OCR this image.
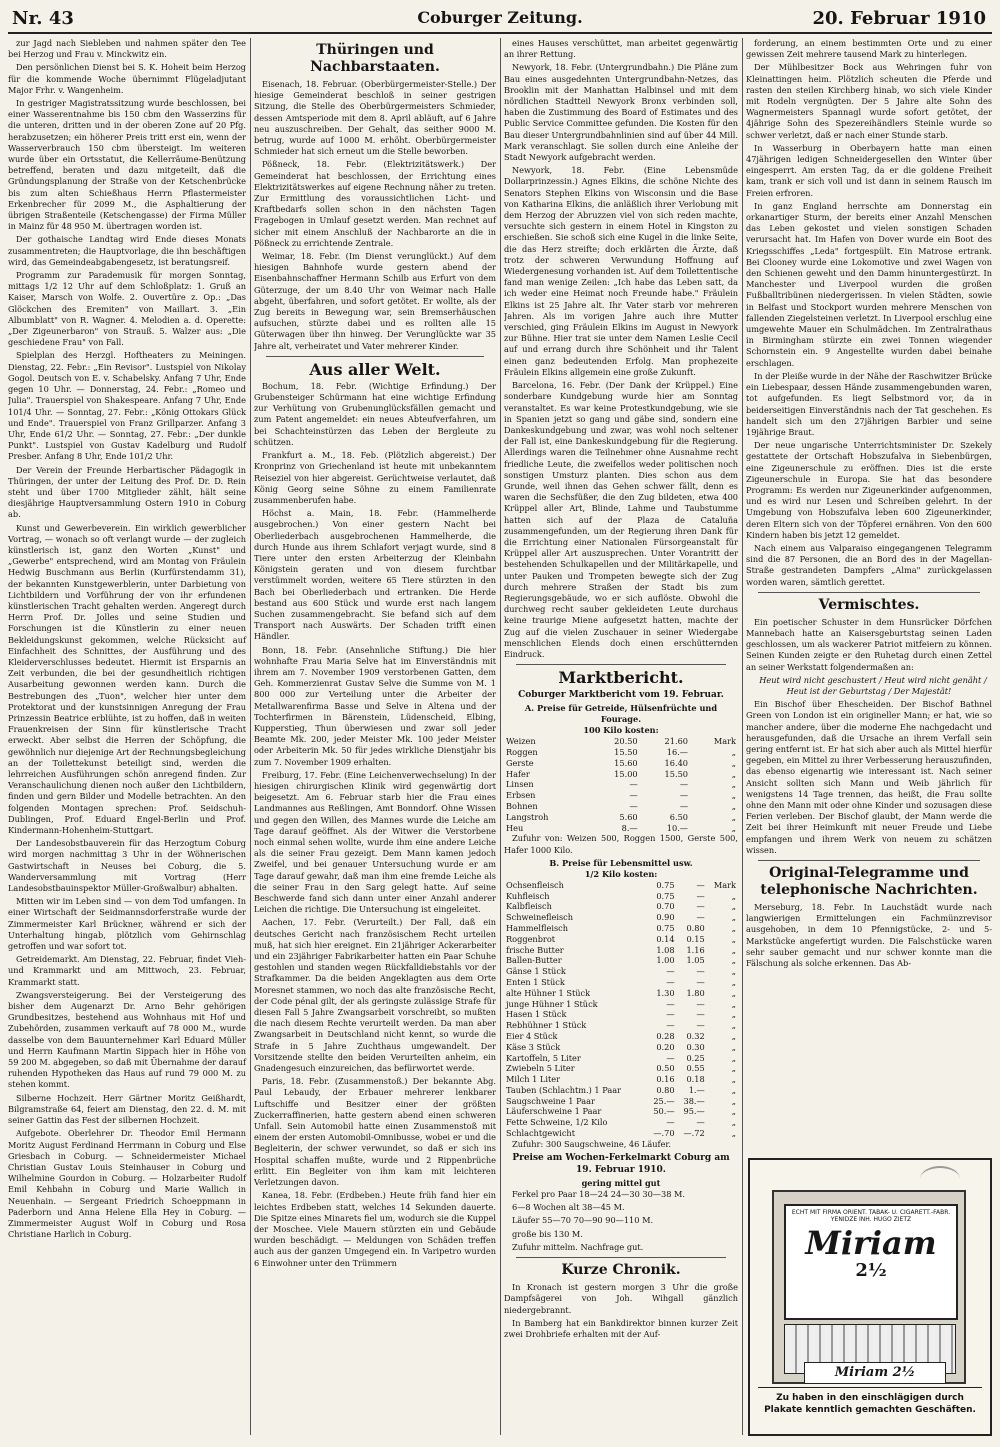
Nr. 43	Coburger Zeitung.	20. Februar 1910

zur Jagd nach Siebleben und nahmen später den Tee bei Herzog und Frau v. Minckwitz ein.

Den persönlichen Dienst bei S. K. Hoheit beim Herzog für die kommende Woche übernimmt Flügeladjutant Major Frhr. v. Wangenheim.

In gestriger Magistratssitzung wurde beschlossen, bei einer Wasserentnahme bis 150 cbm den Wasserzins für die unteren, dritten und in der oberen Zone auf 20 Pfg. herabzusetzen; ein höherer Preis tritt erst ein, wenn der Wasserverbrauch 150 cbm übersteigt. Im weiteren wurde über ein Ortsstatut, die Kellerräume-Benützung betreffend, beraten und dazu mitgeteilt, daß die Gründungsplanung der Straße von der Ketschenbrücke bis zum alten Schießhaus Herrn Pflastermeister Erkenbrecher für 2099 M., die Asphaltierung der übrigen Straßenteile (Ketschengasse) der Firma Müller in Mainz für 48 950 M. übertragen worden ist.

Der gothaische Landtag wird Ende dieses Monats zusammentreten; die Hauptvorlage, die ihn beschäftigen wird, das Gemeindeabgabengesetz, ist beratungsreif.

Programm zur Parademusik für morgen Sonntag, mittags 1/2 12 Uhr auf dem Schloßplatz: 1. Gruß an Kaiser, Marsch von Wolfe. 2. Ouvertüre z. Op.: „Das Glöckchen des Eremiten" von Maillart. 3. „Ein Albumblatt" von R. Wagner. 4. Melodien a. d. Operette: „Der Zigeunerbaron" von Strauß. 5. Walzer aus: „Die geschiedene Frau" von Fall.

Spielplan des Herzgl. Hoftheaters zu Meiningen. Dienstag, 22. Febr.: „Ein Revisor". Lustspiel von Nikolay Gogol. Deutsch von E. v. Schabelsky. Anfang 7 Uhr, Ende gegen 10 Uhr. — Donnerstag, 24. Febr.: „Romeo und Julia". Trauerspiel von Shakespeare. Anfang 7 Uhr, Ende 101/4 Uhr. — Sonntag, 27. Febr.: „König Ottokars Glück und Ende". Trauerspiel von Franz Grillparzer. Anfang 3 Uhr, Ende 61/2 Uhr. — Sonntag, 27. Febr.: „Der dunkle Punkt". Lustspiel von Gustav Kadelburg und Rudolf Presber. Anfang 8 Uhr, Ende 101/2 Uhr.

Der Verein der Freunde Herbartischer Pädagogik in Thüringen, der unter der Leitung des Prof. Dr. D. Rein steht und über 1700 Mitglieder zählt, hält seine diesjährige Hauptversammlung Ostern 1910 in Coburg ab.

Kunst und Gewerbeverein. Ein wirklich gewerblicher Vortrag, — wonach so oft verlangt wurde — der zugleich künstlerisch ist, ganz den Worten „Kunst" und „Gewerbe" entsprechend, wird am Montag von Fräulein Hedwig Buschmann aus Berlin (Kurfürstendamm 31), der bekannten Kunstgewerblerin, unter Darbietung von Lichtbildern und Vorführung der von ihr erfundenen künstlerischen Tracht gehalten werden. Angeregt durch Herrn Prof. Dr. Jolles und seine Studien und Forschungen ist die Künstlerin zu einer neuen Bekleidungskunst gekommen, welche Rücksicht auf Einfachheit des Schnittes, der Ausführung und des Kleiderverschlusses bedeutet. Hiermit ist Ersparnis an Zeit verbunden, die bei der gesundheitlich richtigen Ausarbeitung gewonnen werden kann. Durch die Bestrebungen des „Tuon", welcher hier unter dem Protektorat und der kunstsinnigen Anregung der Frau Prinzessin Beatrice erblühte, ist zu hoffen, daß in weiten Frauenkreisen der Sinn für künstlerische Tracht erweckt. Aber selbst die Herren der Schöpfung, die gewöhnlich nur diejenige Art der Rechnungsbegleichung an der Toilettekunst beteiligt sind, werden die lehrreichen Ausführungen schön anregend finden. Zur Veranschaulichung dienen noch außer den Lichtbildern, finden und gern Bilder und Modelle betrachten. An den folgenden Montagen sprechen: Prof. Seidschuh-Dublingen, Prof. Eduard Engel-Berlin und Prof. Kindermann-Hohenheim-Stuttgart.

Der Landesobstbauverein für das Herzogtum Coburg wird morgen nachmittag 3 Uhr in der Wöhnerischen Gastwirtschaft in Neuses bei Coburg, die 5. Wanderversammlung mit Vortrag (Herr Landesobstbauinspektor Müller-Großwalbur) abhalten.

Mitten wir im Leben sind — von dem Tod umfangen. In einer Wirtschaft der Seidmannsdorferstraße wurde der Zimmermeister Karl Brückner, während er sich der Unterhaltung hingab, plötzlich vom Gehirnschlag getroffen und war sofort tot.

Getreidemarkt. Am Dienstag, 22. Februar, findet Vieh- und Krammarkt und am Mittwoch, 23. Februar, Krammarkt statt.

Zwangsversteigerung. Bei der Versteigerung des bisher dem Augenarzt Dr. Arno Behr gehörigen Grundbesitzes, bestehend aus Wohnhaus mit Hof und Zubehörden, zusammen verkauft auf 78 000 M., wurde dasselbe von dem Bauunternehmer Karl Eduard Müller und Herrn Kaufmann Martin Sippach hier in Höhe von 59 200 M. abgegeben, so daß mit Übernahme der darauf ruhenden Hypotheken das Haus auf rund 79 000 M. zu stehen kommt.

Silberne Hochzeit. Herr Gärtner Moritz Geißhardt, Bilgramstraße 64, feiert am Dienstag, den 22. d. M. mit seiner Gattin das Fest der silbernen Hochzeit.

Aufgebote. Oberlehrer Dr. Theodor Emil Hermann Moritz August Ferdinand Herrmann in Coburg und Else Griesbach in Coburg. — Schneidermeister Michael Christian Gustav Louis Steinhauser in Coburg und Wilhelmine Gourdon in Coburg. — Holzarbeiter Rudolf Emil Kehbahn in Coburg und Marie Wallich in Neuenhain. — Sergeant Friedrich Schoeppmann in Paderborn und Anna Helene Ella Hey in Coburg. — Zimmermeister August Wolf in Coburg und Rosa Christiane Harlich in Coburg.

Thüringen und Nachbarstaaten.

Eisenach, 18. Februar. (Oberbürgermeister-Stelle.) Der hiesige Gemeinderat beschloß in seiner gestrigen Sitzung, die Stelle des Oberbürgermeisters Schmieder, dessen Amtsperiode mit dem 8. April abläuft, auf 6 Jahre neu auszuschreiben. Der Gehalt, das seither 9000 M. betrug, wurde auf 1000 M. erhöht. Oberbürgermeister Schmieder hat sich erneut um die Stelle beworben.

Pößneck, 18. Febr. (Elektrizitätswerk.) Der Gemeinderat hat beschlossen, der Errichtung eines Elektrizitätswerkes auf eigene Rechnung näher zu treten. Zur Ermittlung des voraussichtlichen Licht- und Kraftbedarfs sollen schon in den nächsten Tagen Fragebogen in Umlauf gesetzt werden. Man rechnet auf sicher mit einem Anschluß der Nachbarorte an die in Pößneck zu errichtende Zentrale.

Weimar, 18. Febr. (Im Dienst verunglückt.) Auf dem hiesigen Bahnhofe wurde gestern abend der Eisenbahnschaffner Hermann Schilb aus Erfurt von dem Güterzuge, der um 8.40 Uhr von Weimar nach Halle abgeht, überfahren, und sofort getötet. Er wollte, als der Zug bereits in Bewegung war, sein Bremserhäuschen aufsuchen, stürzte dabei und es rollten alle 15 Güterwagen über ihn hinweg. Der Verunglückte war 35 Jahre alt, verheiratet und Vater mehrerer Kinder.

Aus aller Welt.

Bochum, 18. Febr. (Wichtige Erfindung.) Der Grubensteiger Schürmann hat eine wichtige Erfindung zur Verhütung von Grubenunglücksfällen gemacht und zum Patent angemeldet: ein neues Abteufverfahren, um bei Schachteinstürzen das Leben der Bergleute zu schützen.

Frankfurt a. M., 18. Feb. (Plötzlich abgereist.) Der Kronprinz von Griechenland ist heute mit unbekanntem Reiseziel von hier abgereist. Gerüchtweise verlautet, daß König Georg seine Söhne zu einem Familienrate zusammenberufen habe.

Höchst a. Main, 18. Febr. (Hammelherde ausgebrochen.) Von einer gestern Nacht bei Oberliederbach ausgebrochenen Hammelherde, die durch Hunde aus ihrem Schlafort verjagt wurde, sind 8 Tiere unter den ersten Arbeiterzug der Kleinbahn Königstein geraten und von diesem furchtbar verstümmelt worden, weitere 65 Tiere stürzten in den Bach bei Oberliederbach und ertranken. Die Herde bestand aus 600 Stück und wurde erst nach langem Suchen zusammengebracht. Sie befand sich auf dem Transport nach Auswärts. Der Schaden trifft einen Händler.

Bonn, 18. Febr. (Ansehnliche Stiftung.) Die hier wohnhafte Frau Maria Selve hat im Einverständnis mit ihrem am 7. November 1909 verstorbenen Gatten, dem Geh. Kommerzienrat Gustav Selve die Summe von M. 1 800 000 zur Verteilung unter die Arbeiter der Metallwarenfirma Basse und Selve in Altena und der Tochterfirmen in Bärenstein, Lüdenscheid, Elbing, Kupperstieg, Thun überwiesen und zwar soll jeder Beamte Mk. 200, jeder Meister Mk. 100 jeder Meister oder Arbeiterin Mk. 50 für jedes wirkliche Dienstjahr bis zum 7. November 1909 erhalten.

Freiburg, 17. Febr. (Eine Leichenverwechselung) In der hiesigen chirurgischen Klinik wird gegenwärtig dort beigesetzt. Am 6. Februar starb hier die Frau eines Landmannes aus Reßlingen, Amt Bonndorf. Ohne Wissen und gegen den Willen, des Mannes wurde die Leiche am Tage darauf geöffnet. Als der Witwer die Verstorbene noch einmal sehen wollte, wurde ihm eine andere Leiche als die seiner Frau gezeigt. Dem Mann kamen jedoch Zweifel, und bei genauer Untersuchung wurde er am Tage darauf gewahr, daß man ihm eine fremde Leiche als die seiner Frau in den Sarg gelegt hatte. Auf seine Beschwerde fand sich dann unter einer Anzahl anderer Leichen die richtige. Die Untersuchung ist eingeleitet.

Aachen, 17. Febr. (Verurteilt.) Der Fall, daß ein deutsches Gericht nach französischem Recht urteilen muß, hat sich hier ereignet. Ein 21jähriger Ackerarbeiter und ein 23jähriger Fabrikarbeiter hatten ein Paar Schuhe gestohlen und standen wegen Rückfalldiebstahls vor der Strafkammer. Da die beiden Angeklagten aus dem Orte Moresnet stammen, wo noch das alte französische Recht, der Code pénal gilt, der als geringste zulässige Strafe für diesen Fall 5 Jahre Zwangsarbeit vorschreibt, so mußten die nach diesem Rechte verurteilt werden. Da man aber Zwangsarbeit in Deutschland nicht kennt, so wurde die Strafe in 5 Jahre Zuchthaus umgewandelt. Der Vorsitzende stellte den beiden Verurteilten anheim, ein Gnadengesuch einzureichen, das befürwortet werde.

Paris, 18. Febr. (Zusammenstoß.) Der bekannte Abg. Paul Lebaudy, der Erbauer mehrerer lenkbarer Luftschiffe und Besitzer einer der größten Zuckerraffinerien, hatte gestern abend einen schweren Unfall. Sein Automobil hatte einen Zusammenstoß mit einem der ersten Automobil-Omnibusse, wobei er und die Begleiterin, der schwer verwundet, so daß er sich ins Hospital schaffen mußte, wurde und 2 Rippenbrüche erlitt. Ein Begleiter von ihm kam mit leichteren Verletzungen davon.

Kanea, 18. Febr. (Erdbeben.) Heute früh fand hier ein leichtes Erdbeben statt, welches 14 Sekunden dauerte. Die Spitze eines Minarets fiel um, wodurch sie die Kuppel der Moschee. Viele Mauern stürzten ein und Gebäude wurden beschädigt. — Meldungen von Schäden treffen auch aus der ganzen Umgegend ein. In Varipetro wurden 6 Einwohner unter den Trümmern

eines Hauses verschüttet, man arbeitet gegenwärtig an ihrer Rettung.

Newyork, 18. Febr. (Untergrundbahn.) Die Pläne zum Bau eines ausgedehnten Untergrundbahn-Netzes, das Brooklin mit der Manhattan Halbinsel und mit dem nördlichen Stadtteil Newyork Bronx verbinden soll, haben die Zustimmung des Board of Estimates und des Public Service Committee gefunden. Die Kosten für den Bau dieser Untergrundbahnlinien sind auf über 44 Mill. Mark veranschlagt. Sie sollen durch eine Anleihe der Stadt Newyork aufgebracht werden.

Newyork, 18. Febr. (Eine Lebensmüde Dollarprinzessin.) Agnes Elkins, die schöne Nichte des Senators Stephen Elkins von Wisconsin und die Base von Katharina Elkins, die anläßlich ihrer Verlobung mit dem Herzog der Abruzzen viel von sich reden machte, versuchte sich gestern in einem Hotel in Kingston zu erschießen. Sie schoß sich eine Kugel in die linke Seite, die das Herz streifte; doch erklärten die Ärzte, daß trotz der schweren Verwundung Hoffnung auf Wiedergenesung vorhanden ist. Auf dem Toilettentische fand man wenige Zeilen: „Ich habe das Leben satt, da ich weder eine Heimat noch Freunde habe." Fräulein Elkins ist 25 Jahre alt. Ihr Vater starb vor mehreren Jahren. Als im vorigen Jahre auch ihre Mutter verschied, ging Fräulein Elkins im August in Newyork zur Bühne. Hier trat sie unter dem Namen Leslie Cecil auf und errang durch ihre Schönheit und ihr Talent einen ganz bedeutenden Erfolg. Man prophezeite Fräulein Elkins allgemein eine große Zukunft.

Barcelona, 16. Febr. (Der Dank der Krüppel.) Eine sonderbare Kundgebung wurde hier am Sonntag veranstaltet. Es war keine Protestkundgebung, wie sie in Spanien jetzt so gang und gäbe sind, sondern eine Dankeskundgebung und zwar, was wohl noch seltener der Fall ist, eine Dankeskundgebung für die Regierung. Allerdings waren die Teilnehmer ohne Ausnahme recht friedliche Leute, die zweifellos weder politischen noch sonstigen Umsturz planten. Dies schon aus dem Grunde, weil ihnen das Gehen schwer fällt, denn es waren die Sechsfüßer, die den Zug bildeten, etwa 400 Krüppel aller Art, Blinde, Lahme und Taubstumme hatten sich auf der Plaza de Cataluña zusammengefunden, um der Regierung ihren Dank für die Errichtung einer Nationalen Fürsorgeanstalt für Krüppel aller Art auszusprechen. Unter Vorantritt der bestehenden Schulkapellen und der Militärkapelle, und unter Pauken und Trompeten bewegte sich der Zug durch mehrere Straßen der Stadt bis zum Regierungsgebäude, wo er sich auflöste. Obwohl die durchweg recht sauber gekleideten Leute durchaus keine traurige Miene aufgesetzt hatten, machte der Zug auf die vielen Zuschauer in seiner Wiedergabe menschlichen Elends doch einen erschütternden Eindruck.

Marktbericht.
Coburger Marktbericht vom 19. Februar.
A. Preise für Getreide, Hülsenfrüchte und Fourage.
100 Kilo kosten:
Weizen	20.50	21.60	Mark
Roggen	15.50	16.—	„
Gerste	15.60	16.40	„
Hafer	15.00	15.50	„
Linsen	—	—	„
Erbsen	—	—	„
Bohnen	—	—	„
Langstroh	5.60	6.50	„
Heu	8.—	10.—	„

Zufuhr von: Weizen 500, Roggen 1500, Gerste 500, Hafer 1000 Kilo.

B. Preise für Lebensmittel usw.
1/2 Kilo kosten:
Ochsenfleisch	0.75	—	Mark
Kuhfleisch	0.75	—	„
Kalbfleisch	0.70	—	„
Schweinefleisch	0.90	—	„
Hammelfleisch	0.75	0.80	„
Roggenbrot	0.14	0.15	„
frische Butter	1.08	1.16	„
Ballen-Butter	1.00	1.05	„
Gänse 1 Stück	—	—	„
Enten 1 Stück	—	—	„
alte Hühner 1 Stück	1.30	1.80	„
junge Hühner 1 Stück	—	—	„
Hasen 1 Stück	—	—	„
Rebhühner 1 Stück	—	—	„
Eier 4 Stück	0.28	0.32	„
Käse 3 Stück	0.20	0.30	„
Kartoffeln, 5 Liter	—	0.25	„
Zwiebeln 5 Liter	0.50	0.55	„
Milch 1 Liter	0.16	0.18	„
Tauben (Schlachtm.) 1 Paar	0.80	1.—	„
Saugschweine 1 Paar	25.—	38.—	„
Läuferschweine 1 Paar	50.—	95.—	„
Fette Schweine, 1/2 Kilo	—	—	„
Schlachtgewicht	—.70	—.72	„

Zufuhr: 300 Saugschweine, 46 Läufer.

Preise am Wochen-Ferkelmarkt Coburg am 19. Februar 1910.
gering mittel gut

Ferkel pro Paar 18—24 24—30 30—38 M.

6—8 Wochen alt 38—45 M.

Läufer 55—70 70—90 90—110 M.

große bis 130 M.

Zufuhr mittelm. Nachfrage gut.

Kurze Chronik.

In Kronach ist gestern morgen 3 Uhr die große Dampfsägerei von Joh. Wihgall gänzlich niedergebrannt.

In Bamberg hat ein Bankdirektor binnen kurzer Zeit zwei Drohbriefe erhalten mit der Auf-

forderung, an einem bestimmten Orte und zu einer gewissen Zeit mehrere tausend Mark zu hinterlegen.

Der Mühlbesitzer Bock aus Wehringen fuhr von Kleinattingen heim. Plötzlich scheuten die Pferde und rasten den steilen Kirchberg hinab, wo sich viele Kinder mit Rodeln vergnügten. Der 5 Jahre alte Sohn des Wagnermeisters Spannagl wurde sofort getötet, der 4jährige Sohn des Spezereihändlers Steinle wurde so schwer verletzt, daß er nach einer Stunde starb.

In Wasserburg in Oberbayern hatte man einen 47jährigen ledigen Schneidergesellen den Winter über eingesperrt. Am ersten Tag, da er die goldene Freiheit kam, trank er sich voll und ist dann in seinem Rausch im Freien erfroren.

In ganz England herrschte am Donnerstag ein orkanartiger Sturm, der bereits einer Anzahl Menschen das Leben gekostet und vielen sonstigen Schaden verursacht hat. Im Hafen von Dover wurde ein Boot des Kriegsschiffes „Leda" fortgespült. Ein Matrose ertrank. Bei Clooney wurde eine Lokomotive und zwei Wagen von den Schienen geweht und den Damm hinuntergestürzt. In Manchester und Liverpool wurden die großen Fußballtribünen niedergerissen. In vielen Städten, sowie in Belfast und Stockport wurden mehrere Menschen von fallenden Ziegelsteinen verletzt. In Liverpool erschlug eine umgewehte Mauer ein Schulmädchen. Im Zentralrathaus in Birmingham stürzte ein zwei Tonnen wiegender Schornstein ein. 9 Angestellte wurden dabei beinahe erschlagen.

In der Pleiße wurde in der Nähe der Raschwitzer Brücke ein Liebespaar, dessen Hände zusammengebunden waren, tot aufgefunden. Es liegt Selbstmord vor, da in beiderseitigen Einverständnis nach der Tat geschehen. Es handelt sich um den 27jährigen Barbier und seine 19jährige Braut.

Der neue ungarische Unterrichtsminister Dr. Szekely gestattete der Ortschaft Hobszufalva in Siebenbürgen, eine Zigeunerschule zu eröffnen. Dies ist die erste Zigeunerschule in Europa. Sie hat das besondere Programm: Es werden nur Zigeunerkinder aufgenommen, und es wird nur Lesen und Schreiben gelehrt. In der Umgebung von Hobszufalva leben 600 Zigeunerkinder, deren Eltern sich von der Töpferei ernähren. Von den 600 Kindern haben bis jetzt 12 gemeldet.

Nach einem aus Valparaiso eingegangenen Telegramm sind die 87 Personen, die an Bord des in der Magellan-Straße gestrandeten Dampfers „Alma" zurückgelassen worden waren, sämtlich gerettet.

Vermischtes.

Ein poetischer Schuster in dem Hunsrücker Dörfchen Mannebach hatte an Kaisersgeburtstag seinen Laden geschlossen, um als wackerer Patriot mitfeiern zu können. Seinen Kunden zeigte er den Ruhetag durch einen Zettel an seiner Werkstatt folgendermaßen an:

Heut wird nicht geschustert / Heut wird nicht genäht / Heut ist der Geburtstag / Der Majestät!

Ein Bischof über Ehescheiden. Der Bischof Bathnel Green von London ist ein origineller Mann; er hat, wie so mancher andere, über die moderne Ehe nachgedacht und herausgefunden, daß die Ursache an ihrem Verfall sein gering entfernt ist. Er hat sich aber auch als Mittel hierfür gegeben, ein Mittel zu ihrer Verbesserung herauszufinden, das ebenso eigenartig wie interessant ist. Nach seiner Ansicht sollten sich Mann und Weib jährlich für wenigstens 14 Tage trennen, das heißt, die Frau sollte ohne den Mann mit oder ohne Kinder und sozusagen diese Ferien verleben. Der Bischof glaubt, der Mann werde die Zeit bei ihrer Heimkunft mit neuer Freude und Liebe empfangen und ihrem Werk von neuem zu schätzen wissen.

Original-Telegramme und telephonische Nachrichten.

Merseburg, 18. Febr. In Lauchstädt wurde nach langwierigen Ermittelungen ein Fachmünzrevisor ausgehoben, in dem 10 Pfennigstücke, 2- und 5-Markstücke angefertigt wurden. Die Falschstücke waren sehr sauber gemacht und nur schwer konnte man die Fälschung als solche erkennen. Das Ab-

ECHT MIT FIRMA ORIENT. TABAK- U. CIGARETT.-FABR. YENIDZE INH. HUGO ZIETZ
Miriam
2½
Miriam 2½
Zu haben in den einschlägigen durch Plakate kenntlich gemachten Geschäften.
